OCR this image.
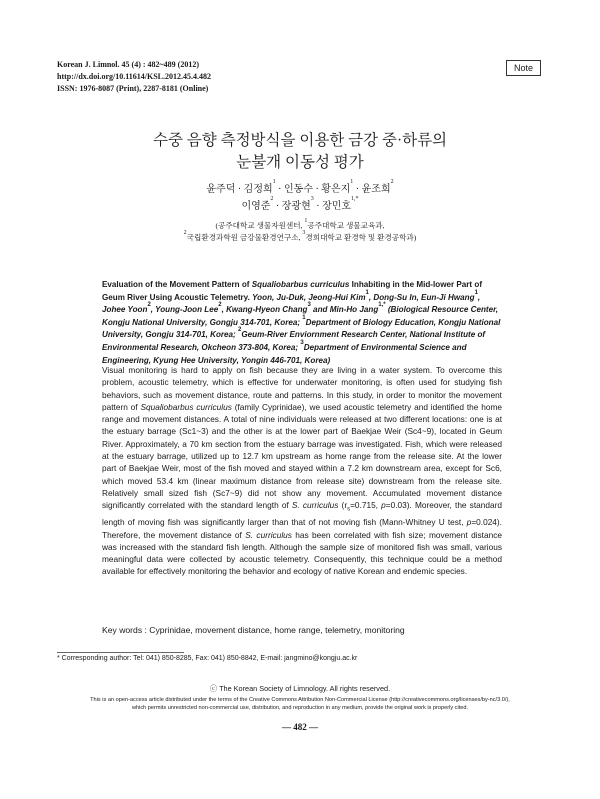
Korean J. Limnol. 45 (4) : 482~489 (2012)
http://dx.doi.org/10.11614/KSL.2012.45.4.482
ISSN: 1976-8087 (Print), 2287-8181 (Online)
Note
수중 음향 측정방식을 이용한 금강 중·하류의
눈불개 이동성 평가
윤주덕 · 김정희$^1$ · 인동수 · 황은지$^1$ · 윤조희$^2$
이영준$^2$ · 장광현$^3$ · 장민호$^{1,*}$
(공주대학교 생물자원센터, $^1$공주대학교 생물교육과,
$^2$국립환경과학원 금강물환경연구소, $^3$경희대학교 환경학 및 환경공학과)
Evaluation of the Movement Pattern of Squaliobarbus curriculus Inhabiting in the Mid-lower Part of Geum River Using Acoustic Telemetry. Yoon, Ju-Duk, Jeong-Hui Kim$^1$, Dong-Su In, Eun-Ji Hwang$^1$, Johee Yoon$^2$, Young-Joon Lee$^2$, Kwang-Hyeon Chang$^3$ and Min-Ho Jang$^{1,*}$ (Biological Resource Center, Kongju National University, Gongju 314-701, Korea; $^1$Department of Biology Education, Kongju National University, Gongju 314-701, Korea; $^2$Geum-River Enviornment Research Center, National Institute of Environmental Research, Okcheon 373-804, Korea; $^3$Department of Environmental Science and Engineering, Kyung Hee University, Yongin 446-701, Korea)
Visual monitoring is hard to apply on fish because they are living in a water system. To overcome this problem, acoustic telemetry, which is effective for underwater monitoring, is often used for studying fish behaviors, such as movement distance, route and patterns. In this study, in order to monitor the movement pattern of Squaliobarbus curriculus (family Cyprinidae), we used acoustic telemetry and identified the home range and movement distances. A total of nine individuals were released at two different locations: one is at the estuary barrage (Sc1~3) and the other is at the lower part of Baekjae Weir (Sc4~9), located in Geum River. Approximately, a 70 km section from the estuary barrage was investigated. Fish, which were released at the estuary barrage, utilized up to 12.7 km upstream as home range from the release site. At the lower part of Baekjae Weir, most of the fish moved and stayed within a 7.2 km downstream area, except for Sc6, which moved 53.4 km (linear maximum distance from release site) downstream from the release site. Relatively small sized fish (Sc7~9) did not show any movement. Accumulated movement distance significantly correlated with the standard length of S. curriculus ($r_s=0.715$, p=0.03). Moreover, the standard length of moving fish was significantly larger than that of not moving fish (Mann-Whitney U test, p=0.024). Therefore, the movement distance of S. curriculus has been correlated with fish size; movement distance was increased with the standard fish length. Although the sample size of monitored fish was small, various meaningful data were collected by acoustic telemetry. Consequently, this technique could be a method available for effectively monitoring the behavior and ecology of native Korean and endemic species.
Key words : Cyprinidae, movement distance, home range, telemetry, monitoring
* Corresponding author: Tel: 041) 850-8285, Fax: 041) 850-8842, E-mail: jangmino@kongju.ac.kr
ⓒ The Korean Society of Limnology. All rights reserved.
This is an open-access article distributed under the terms of the Creative Commons Attribution Non-Commercial License (http://creativecommons.org/licenses/by-nc/3.0/),
which permits unrestricted non-commercial use, distribution, and reproduction in any medium, provide the original work is properly cited.
— 482 —
